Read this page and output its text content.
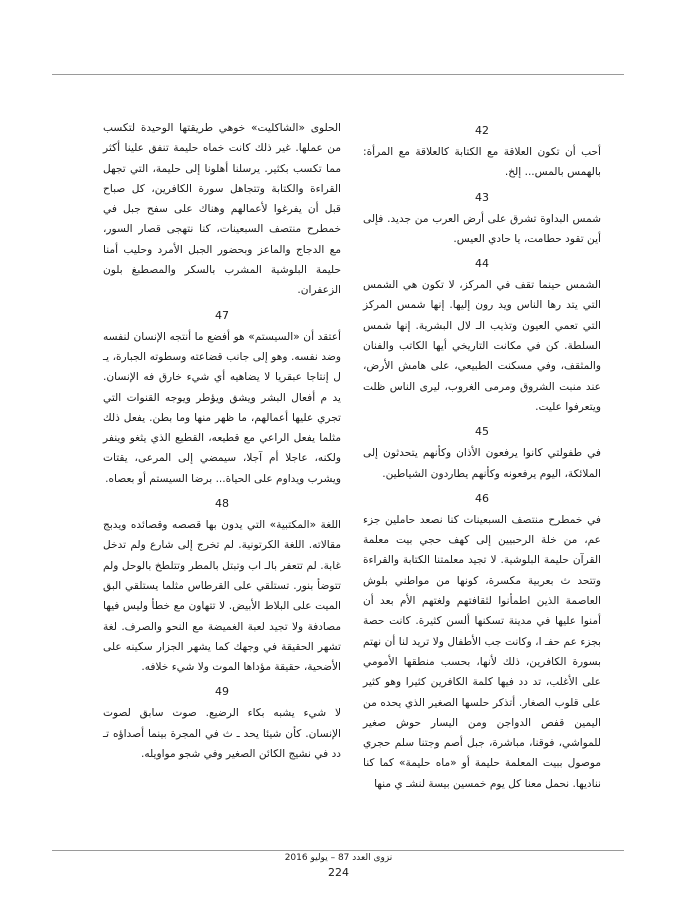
42

أحب أن تكون العلاقة مع الكتابة كالعلاقة مع المرأة: بالهمس بالمس... إلخ.

43

شمس البداوة تشرق على أرض العرب من جديد. فإلى أين تقود حطامت، يا حادي العيس.

44

الشمس حينما تقف في المركز، لا تكون هي الشمس التي يتد رها الناس ويد رون إليها. إنها شمس المركز التي تعمي العيون وتذيب الـ لال البشرية. إنها شمس السلطة. كن في مكانت التاريخي أيها الكاتب والفنان والمثقف، وفي مسكنت الطبيعي، على هامش الأرض، عند منبت الشروق ومرمى الغروب، ليرى الناس ظلت ويتعرفوا عليت.

45

في طفولتي كانوا يرفعون الأذان وكأنهم يتحدثون إلى الملائكة، اليوم يرفعونه وكأنهم يطاردون الشياطين.

46

في خمطرح منتصف السبعينات كنا نصعد حاملين جزء عم، من خلة الرحبيين إلى كهف حجي بيت معلمة القرآن حليمة البلوشية. لا تجيد معلمتنا الكتابة والقراءة وتتحد ث بعربية مكسرة، كونها من مواطني بلوش العاصمة الذين اطمأنوا لثقافتهم ولغتهم الأم بعد أن أمنوا عليها في مدينة تسكنها ألسن كثيرة. كانت حصة بجزء عم حفـ ا، وكانت جب الأطفال ولا تريد لنا أن نهتم بسورة الكافرين، ذلك لأنها، بحسب منطقها الأمومي على الأغلب، تد دد فيها كلمة الكافرين كثيرا وهو كثير على قلوب الصغار. أتذكر حلسها الصغير الذي يحده من اليمين قفص الدواجن ومن اليسار حوش صغير للمواشي، فوقنا، مباشرة، جبل أصم وجتنا سلم حجري موصول ببيت المعلمة حليمة أو «ماه حليمة» كما كنا نناديها. نحمل معنا كل يوم خمسين بيسة لنشـ ي منها

الحلوى «الشاكليت» خوهي طريقتها الوحيدة لتكسب من عملها. غير ذلك كانت خماه حليمة تنفق علينا أكثر مما تكسب بكثير. يرسلنا أهلونا إلى حليمة، التي تجهل القراءة والكتابة وتتجاهل سورة الكافرين، كل صباح قبل أن يفرغوا لأعمالهم وهناك على سفح جبل في خمطرح منتصف السبعينات، كنا نتهجى قصار السور، مع الدجاج والماعز وبحضور الجبل الأمرد وحليب أمنا حليمة البلوشية المشرب بالسكر والمصطبغ بلون الزعفران.

47

أعتقد أن «السيستم» هو أفضع ما أنتجه الإنسان لنفسه وضد نفسه. وهو إلى جانب قضاعته وسطوته الجبارة، يـ ل إنتاجا عبقريا لا يضاهيه أي شيء خارق فه الإنسان. يد م أفعال البشر ويشق ويؤطر ويوجه القنوات التي تجري عليها أعمالهم، ما ظهر منها وما بطن. يفعل ذلك مثلما يفعل الراعي مع قطيعه، القطيع الذي يثغو وينفر ولكنه، عاجلا أم آجلا، سيمضي إلى المرعى، يقتات ويشرب ويداوم على الحياة... برضا السيستم أو بعصاه.

48

اللغة «المكتبية» التي يدون بها قصصه وقصائده ويدبج مقالاته. اللغة الكرتونية. لم تخرج إلى شارع ولم تدخل غابة. لم تتعفر بالـ اب وتبتل بالمطر وتتلطخ بالوحل ولم تتوضأ بنور. تستلقي على القرطاس مثلما يستلقي البق الميت على البلاط الأبيض. لا تتهاون مع خطأ وليس فيها مصادفة ولا تجيد لعبة الغميضة مع النحو والصرف. لغة تشهر الحقيقة في وجهك كما يشهر الجزار سكينه على الأضحية، حقيقة مؤداها الموت ولا شيء خلافه.

49

لا شيء يشبه بكاء الرضيع. صوت سابق لصوت الإنسان. كأن شيئا يحد ـ ث في المجرة بينما أصداؤه تـ دد في نشيج الكائن الصغير وفي شجو مواويله.

نزوى العدد 87 – يوليو 2016
224
